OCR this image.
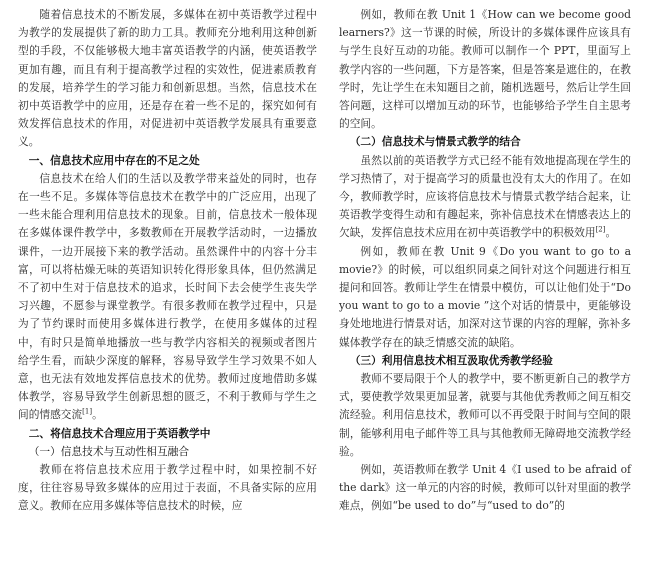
随着信息技术的不断发展，多媒体在初中英语教学过程中为教学的发展提供了新的助力工具。教师充分地利用这种创新型的手段，不仅能够极大地丰富英语教学的内涵，使英语教学更加有趣，而且有利于提高教学过程的实效性，促进素质教育的发展，培养学生的学习能力和创新思想。当然，信息技术在初中英语教学中的应用，还是存在着一些不足的，探究如何有效发挥信息技术的作用，对促进初中英语教学发展具有重要意义。

一、信息技术应用中存在的不足之处

信息技术在给人们的生活以及教学带来益处的同时，也存在一些不足。多媒体等信息技术在教学中的广泛应用，出现了一些未能合理利用信息技术的现象。目前，信息技术一般体现在多媒体课件教学中，多数教师在开展教学活动时，一边播放课件，一边开展接下来的教学活动。虽然课件中的内容十分丰富，可以将枯燥无味的英语知识转化得形象具体，但仍然满足不了初中生对于信息技术的追求，长时间下去会使学生丧失学习兴趣，不愿参与课堂教学。有很多教师在教学过程中，只是为了节约课时而使用多媒体进行教学，在使用多媒体的过程中，有时只是简单地播放一些与教学内容相关的视频或者图片给学生看，而缺少深度的解释，容易导致学生学习效果不如人意，也无法有效地发挥信息技术的优势。教师过度地借助多媒体教学，容易导致学生创新思想的匮乏，不利于教师与学生之间的情感交流[1]。

二、将信息技术合理应用于英语教学中

（一）信息技术与互动性相互融合

教师在将信息技术应用于教学过程中时，如果控制不好度，往往容易导致多媒体的应用过于表面，不具备实际的应用意义。教师在应用多媒体等信息技术的时候，应

例如，教师在教 Unit 1《How can we become good learners?》这一节课的时候，所设计的多媒体课件应该具有与学生良好互动的功能。教师可以制作一个 PPT，里面写上教学内容的一些问题，下方是答案，但是答案是遮住的，在教学时，先让学生在未知题目之前，随机选题号，然后让学生回答问题，这样可以增加互动的环节，也能够给予学生自主思考的空间。

（二）信息技术与情景式教学的结合

虽然以前的英语教学方式已经不能有效地提高现在学生的学习热情了，对于提高学习的质量也没有太大的作用了。在如今，教师教学时，应该将信息技术与情景式教学结合起来，让英语教学变得生动和有趣起来，弥补信息技术在情感表达上的欠缺，发挥信息技术应用在初中英语教学中的积极效用[2]。

例如，教师在教 Unit 9《Do you want to go to a movie?》的时候，可以组织同桌之间针对这个问题进行相互提问和回答。教师让学生在情景中模仿，可以让他们处于“Do you want to go to a movie ”这个对话的情景中，更能够设身处地地进行情景对话，加深对这节课的内容的理解，弥补多媒体教学存在的缺乏情感交流的缺陷。

（三）利用信息技术相互汲取优秀教学经验

教师不要局限于个人的教学中，要不断更新自己的教学方式，要使教学效果更加显著，就要与其他优秀教师之间互相交流经验。利用信息技术，教师可以不再受限于时间与空间的限制，能够利用电子邮件等工具与其他教师无障碍地交流教学经验。

例如，英语教师在教学 Unit 4《I used to be afraid of the dark》这一单元的内容的时候，教师可以针对里面的教学难点，例如“be used to do”与“used to do”的
